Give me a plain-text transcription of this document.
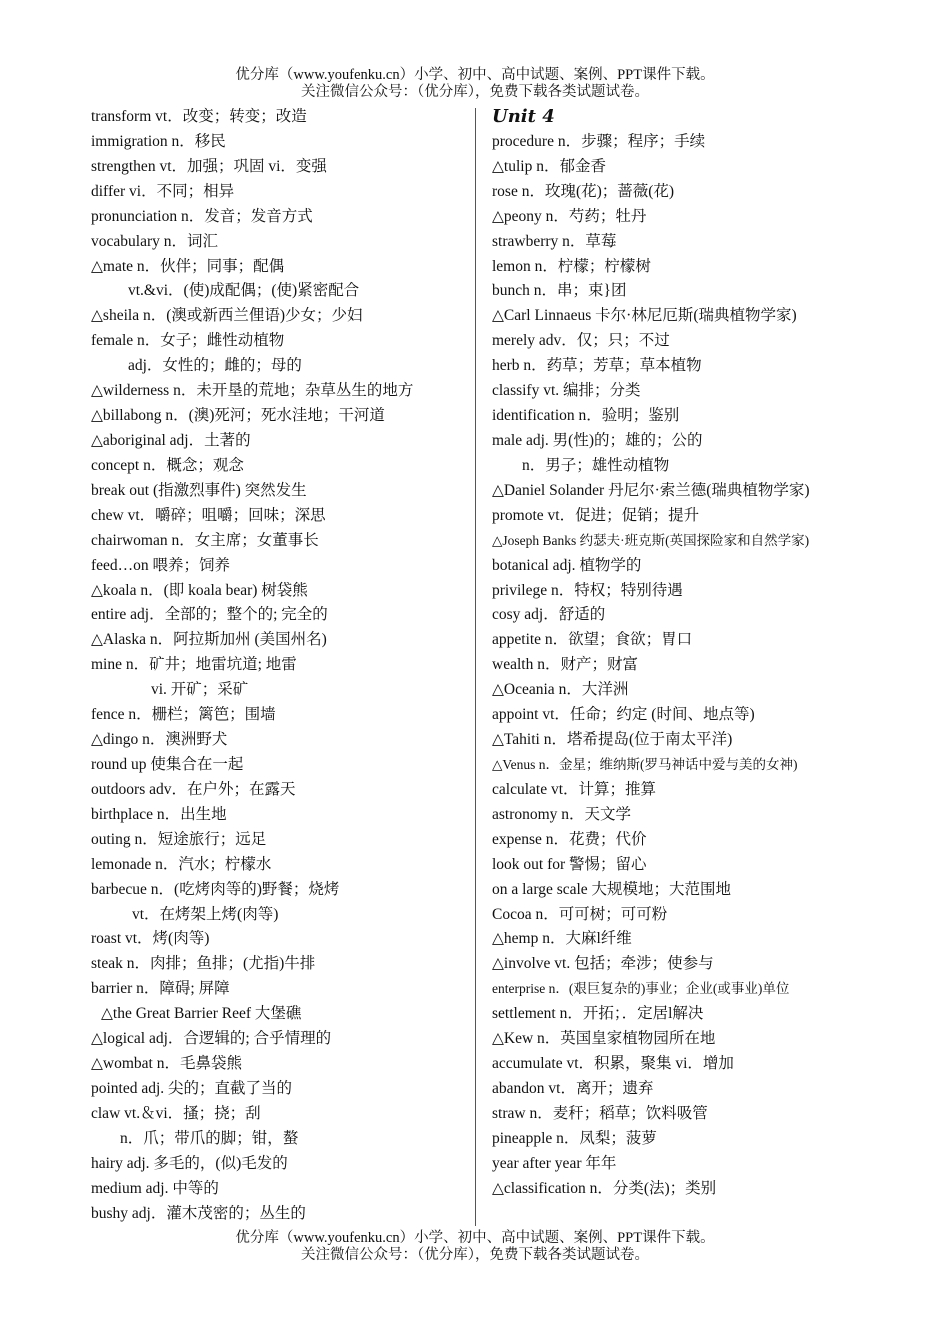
优分库（www.youfenku.cn）小学、初中、高中试题、案例、PPT课件下载。
关注微信公众号：（优分库），免费下载各类试题试卷。
transform vt．改变；转变；改造
immigration n．移民
strengthen vt．加强；巩固 vi．变强
differ vi．不同；相异
pronunciation n．发音；发音方式
vocabulary n．词汇
△mate n．伙伴；同事；配偶
vt.&vi．(使)成配偶；(使)紧密配合
△sheila n．(澳或新西兰俚语)少女；少妇
female n．女子；雌性动植物
adj．女性的；雌的；母的
△wilderness n．未开垦的荒地；杂草丛生的地方
△billabong n．(澳)死河；死水洼地；干河道
△aboriginal adj．土著的
concept n．概念；观念
break out (指激烈事件) 突然发生
chew vt．嚼碎；咀嚼；回味；深思
chairwoman n．女主席；女董事长
feed…on 喂养；饲养
△koala n．(即 koala bear) 树袋熊
entire adj．全部的；整个的; 完全的
△Alaska n．阿拉斯加州 (美国州名)
mine n．矿井；地雷坑道; 地雷
vi. 开矿；采矿
fence n．栅栏；篱笆；围墙
△dingo n．澳洲野犬
round up 使集合在一起
outdoors adv．在户外；在露天
birthplace n．出生地
outing n．短途旅行；远足
lemonade n．汽水；柠檬水
barbecue n．(吃烤肉等的)野餐；烧烤
vt．在烤架上烤(肉等)
roast vt．烤(肉等)
steak n．肉排；鱼排；(尤指)牛排
barrier n．障碍; 屏障
△the Great Barrier Reef 大堡礁
△logical adj．合逻辑的; 合乎情理的
△wombat n．毛鼻袋熊
pointed adj. 尖的；直截了当的
claw vt.＆vi．搔；挠；刮
n．爪；带爪的脚；钳，螯
hairy adj. 多毛的，(似)毛发的
medium adj. 中等的
bushy adj．灌木茂密的；丛生的
Unit 4
procedure n．步骤；程序；手续
△tulip n．郁金香
rose n．玫瑰(花)；蔷薇(花)
△peony n．芍药；牡丹
strawberry n．草莓
lemon n．柠檬；柠檬树
bunch n．串；束}团
△Carl Linnaeus 卡尔·林尼厄斯(瑞典植物学家)
merely adv．仅；只；不过
herb n．药草；芳草；草本植物
classify vt. 编排；分类
identification n．验明；鉴别
male adj. 男(性)的；雄的；公的
n．男子；雄性动植物
△Daniel Solander 丹尼尔·索兰德(瑞典植物学家)
promote vt．促进；促销；提升
△Joseph Banks 约瑟夫·班克斯(英国探险家和自然学家)
botanical adj. 植物学的
privilege n．特权；特别待遇
cosy adj．舒适的
appetite n．欲望；食欲；胃口
wealth n．财产；财富
△Oceania n．大洋洲
appoint vt．任命；约定 (时间、地点等)
△Tahiti n．塔希提岛(位于南太平洋)
△Venus n．金星；维纳斯(罗马神话中爱与美的女神)
calculate vt．计算；推算
astronomy n．天文学
expense n．花费；代价
look out for 警惕；留心
on a large scale 大规模地；大范围地
Cocoa n．可可树；可可粉
△hemp n．大麻l纤维
△involve vt. 包括；牵涉；使参与
enterprise n．(艰巨复杂的)事业；企业(或事业)单位
settlement n．开拓；．定居l解决
△Kew n．英国皇家植物园所在地
accumulate vt．积累，聚集 vi．增加
abandon vt．离开；遗弃
straw n．麦秆；稻草；饮料吸管
pineapple n．凤梨；菠萝
year after year 年年
△classification n．分类(法)；类别
优分库（www.youfenku.cn）小学、初中、高中试题、案例、PPT课件下载。
关注微信公众号：（优分库），免费下载各类试题试卷。
